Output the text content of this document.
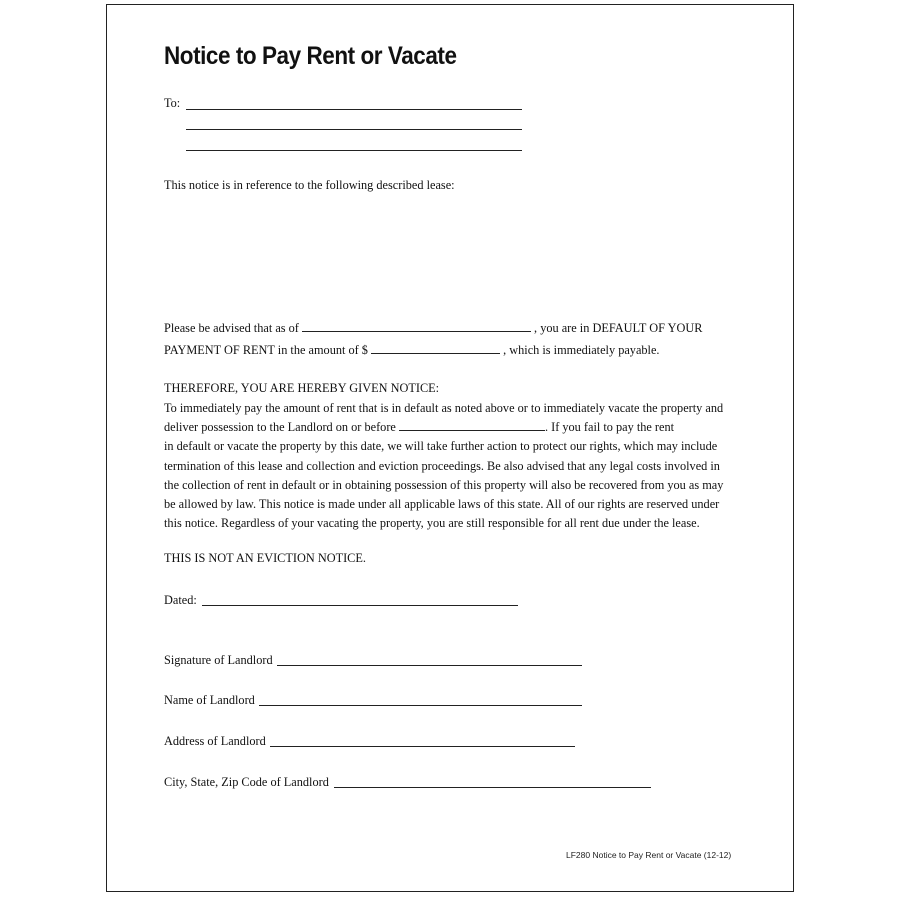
Notice to Pay Rent or Vacate
To:
This notice is in reference to the following described lease:
Please be advised that as of	, you are in DEFAULT OF YOUR
PAYMENT OF RENT in the amount of $	, which is immediately payable.
THEREFORE, YOU ARE HEREBY GIVEN NOTICE:
To immediately pay the amount of rent that is in default as noted above or to immediately vacate the property and
deliver possession to the Landlord on or before	. If you fail to pay the rent
in default or vacate the property by this date, we will take further action to protect our rights, which may include
termination of this lease and collection and eviction proceedings. Be also advised that any legal costs involved in
the collection of rent in default or in obtaining possession of this property will also be recovered from you as may
be allowed by law. This notice is made under all applicable laws of this state. All of our rights are reserved under
this notice. Regardless of your vacating the property, you are still responsible for all rent due under the lease.
THIS IS NOT AN EVICTION NOTICE.
Dated:
Signature of Landlord
Name of Landlord
Address of Landlord
City, State, Zip Code of Landlord
LF280 Notice to Pay Rent or Vacate (12-12)
